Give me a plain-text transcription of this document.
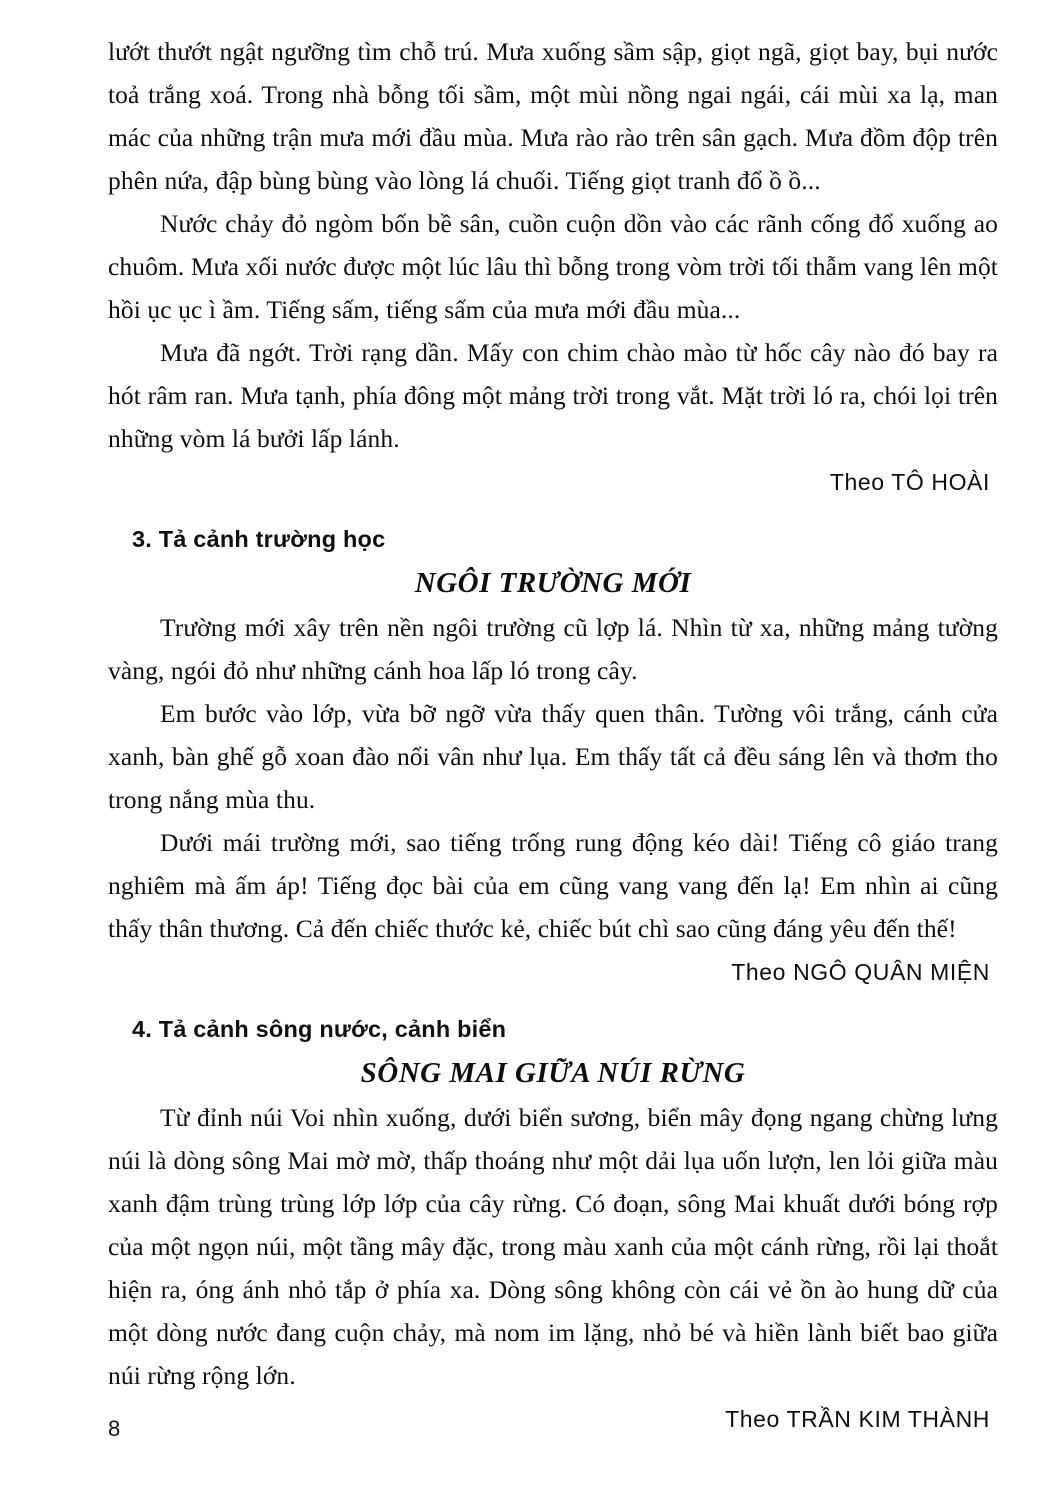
lướt thướt ngật ngưỡng tìm chỗ trú. Mưa xuống sầm sập, giọt ngã, giọt bay, bụi nước toả trắng xoá. Trong nhà bỗng tối sầm, một mùi nồng ngai ngái, cái mùi xa lạ, man mác của những trận mưa mới đầu mùa. Mưa rào rào trên sân gạch. Mưa đồm độp trên phên nứa, đập bùng bùng vào lòng lá chuối. Tiếng giọt tranh đổ ồ ồ...

Nước chảy đỏ ngòm bốn bề sân, cuồn cuộn dồn vào các rãnh cống đổ xuống ao chuôm. Mưa xối nước được một lúc lâu thì bỗng trong vòm trời tối thẫm vang lên một hồi ục ục ì ầm. Tiếng sấm, tiếng sấm của mưa mới đầu mùa...

Mưa đã ngớt. Trời rạng dần. Mấy con chim chào mào từ hốc cây nào đó bay ra hót râm ran. Mưa tạnh, phía đông một mảng trời trong vắt. Mặt trời ló ra, chói lọi trên những vòm lá bưởi lấp lánh.

Theo TÔ HOÀI

3. Tả cảnh trường học
NGÔI TRƯỜNG MỚI

Trường mới xây trên nền ngôi trường cũ lợp lá. Nhìn từ xa, những mảng tường vàng, ngói đỏ như những cánh hoa lấp ló trong cây.

Em bước vào lớp, vừa bỡ ngỡ vừa thấy quen thân. Tường vôi trắng, cánh cửa xanh, bàn ghế gỗ xoan đào nổi vân như lụa. Em thấy tất cả đều sáng lên và thơm tho trong nắng mùa thu.

Dưới mái trường mới, sao tiếng trống rung động kéo dài! Tiếng cô giáo trang nghiêm mà ấm áp! Tiếng đọc bài của em cũng vang vang đến lạ! Em nhìn ai cũng thấy thân thương. Cả đến chiếc thước kẻ, chiếc bút chì sao cũng đáng yêu đến thế!

Theo NGÔ QUÂN MIỆN

4. Tả cảnh sông nước, cảnh biển
SÔNG MAI GIỮA NÚI RỪNG

Từ đỉnh núi Voi nhìn xuống, dưới biển sương, biển mây đọng ngang chừng lưng núi là dòng sông Mai mờ mờ, thấp thoáng như một dải lụa uốn lượn, len lỏi giữa màu xanh đậm trùng trùng lớp lớp của cây rừng. Có đoạn, sông Mai khuất dưới bóng rợp của một ngọn núi, một tầng mây đặc, trong màu xanh của một cánh rừng, rồi lại thoắt hiện ra, óng ánh nhỏ tắp ở phía xa. Dòng sông không còn cái vẻ ồn ào hung dữ của một dòng nước đang cuộn chảy, mà nom im lặng, nhỏ bé và hiền lành biết bao giữa núi rừng rộng lớn.

Theo TRẦN KIM THÀNH

8
